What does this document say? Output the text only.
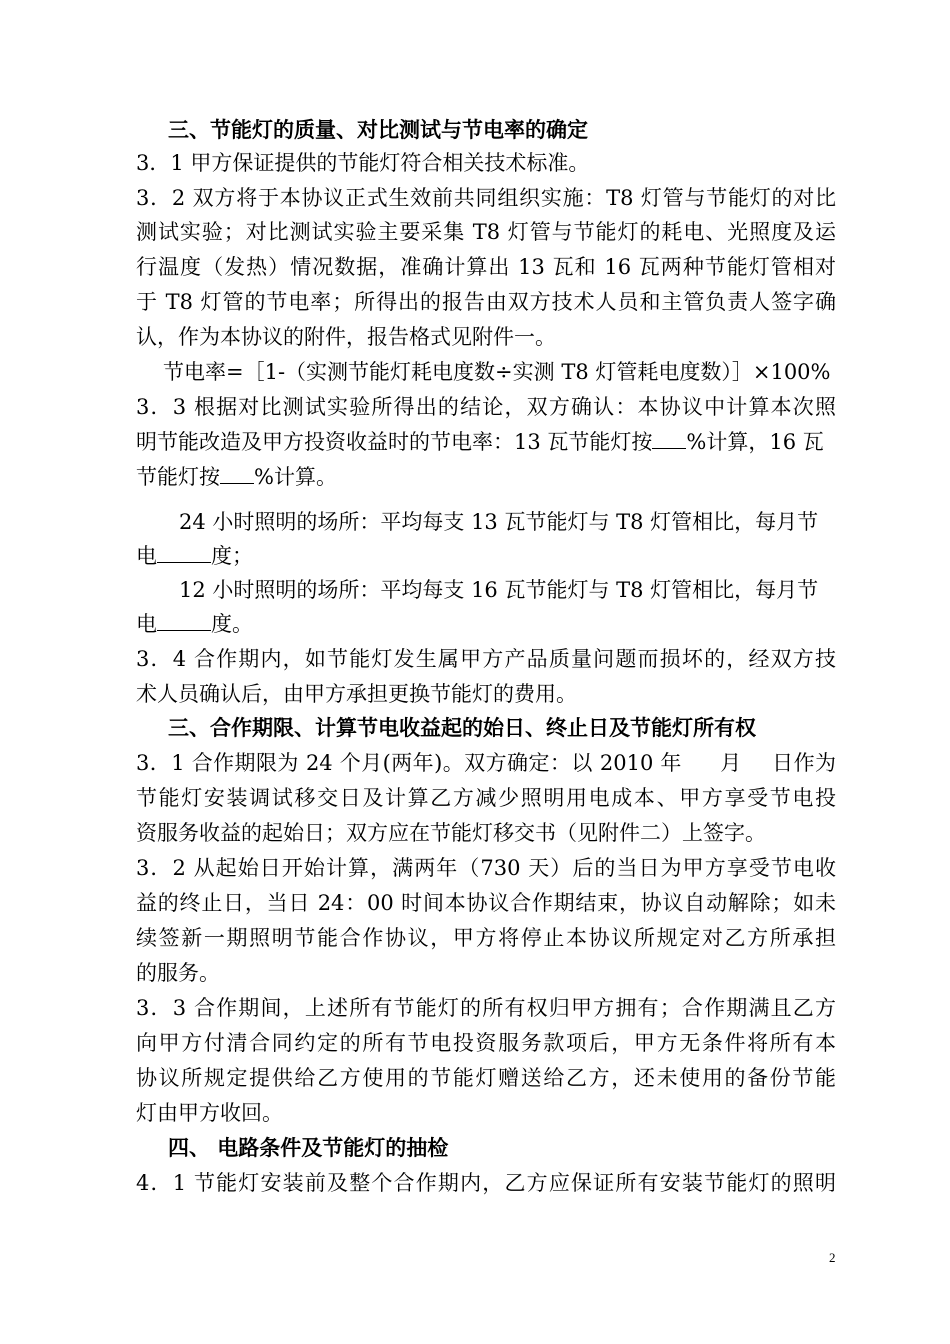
三、节能灯的质量、对比测试与节电率的确定
3．1 甲方保证提供的节能灯符合相关技术标准。
3．2 双方将于本协议正式生效前共同组织实施：T8 灯管与节能灯的对比
测试实验；对比测试实验主要采集 T8 灯管与节能灯的耗电、光照度及运
行温度（发热）情况数据，准确计算出 13 瓦和 16 瓦两种节能灯管相对
于 T8 灯管的节电率；所得出的报告由双方技术人员和主管负责人签字确
认，作为本协议的附件，报告格式见附件一。
节电率=［1-（实测节能灯耗电度数÷实测 T8 灯管耗电度数）］×100%
3．3 根据对比测试实验所得出的结论，双方确认：本协议中计算本次照
明节能改造及甲方投资收益时的节电率：13 瓦节能灯按 %计算，16 瓦
节能灯按 %计算。
24 小时照明的场所：平均每支 13 瓦节能灯与 T8 灯管相比，每月节
电	度；
12 小时照明的场所：平均每支 16 瓦节能灯与 T8 灯管相比，每月节
电	度。
3．4 合作期内，如节能灯发生属甲方产品质量问题而损坏的，经双方技
术人员确认后，由甲方承担更换节能灯的费用。
三、合作期限、计算节电收益起的始日、终止日及节能灯所有权
3．1 合作期限为 24 个月(两年)。双方确定：以 2010 年 月 日作为
节能灯安装调试移交日及计算乙方减少照明用电成本、甲方享受节电投
资服务收益的起始日；双方应在节能灯移交书（见附件二）上签字。
3．2 从起始日开始计算，满两年（730 天）后的当日为甲方享受节电收
益的终止日，当日 24：00 时间本协议合作期结束，协议自动解除；如未
续签新一期照明节能合作协议，甲方将停止本协议所规定对乙方所承担
的服务。
3．3 合作期间，上述所有节能灯的所有权归甲方拥有；合作期满且乙方
向甲方付清合同约定的所有节电投资服务款项后，甲方无条件将所有本
协议所规定提供给乙方使用的节能灯赠送给乙方，还未使用的备份节能
灯由甲方收回。
四、 电路条件及节能灯的抽检
4．1 节能灯安装前及整个合作期内，乙方应保证所有安装节能灯的照明
2
